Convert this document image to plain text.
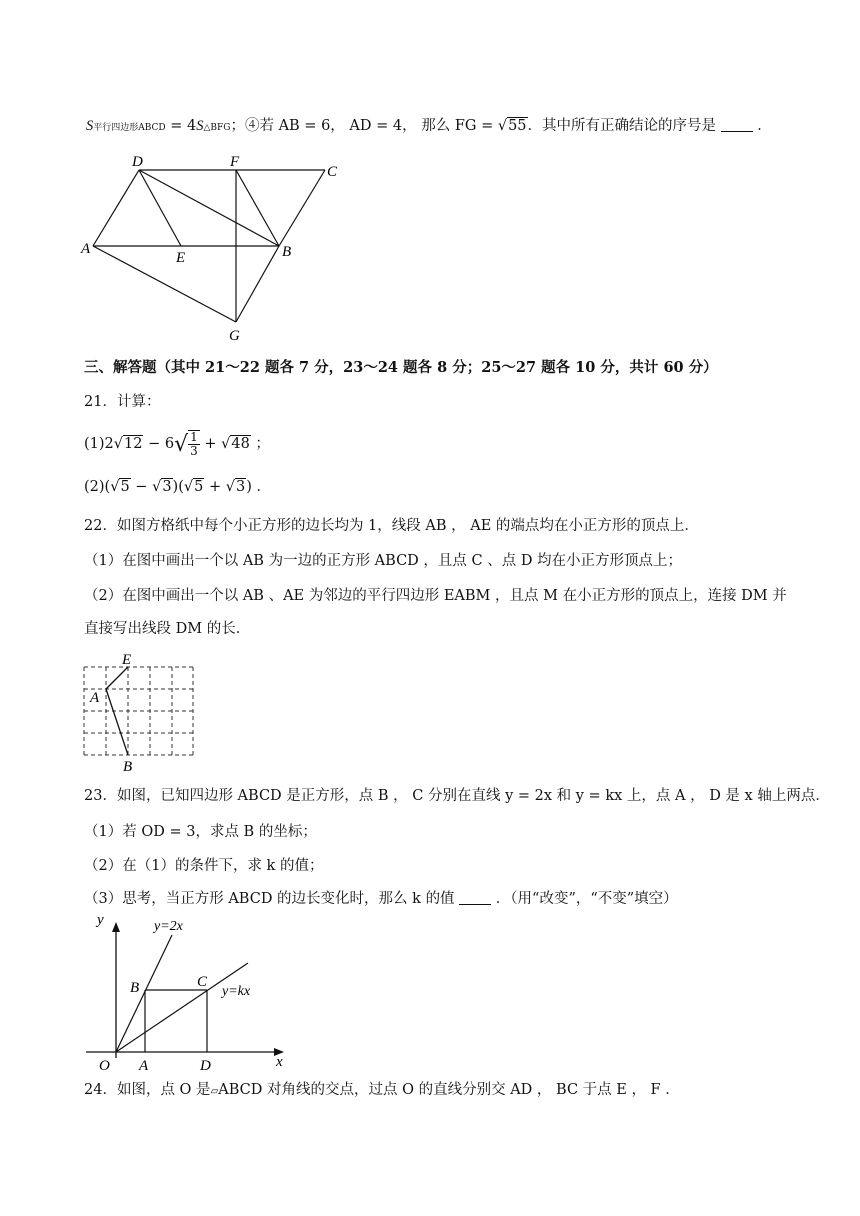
S平行四边形ABCD = 4S△BFG；④若 AB = 6， AD = 4， 那么 FG = √55．其中所有正确结论的序号是	．
D	F
C
A
E	B
G
三、解答题（其中 21～22 题各 7 分，23～24 题各 8 分；25～27 题各 10 分，共计 60 分）
21．计算：
$(1)2√12 - 6√ \frac{1}{3} + √48$ ；
(2)(√5 − √3)(√5 + √3) ．
22．如图方格纸中每个小正方形的边长均为 1，线段 AB ， AE 的端点均在小正方形的顶点上．
（1）在图中画出一个以 AB 为一边的正方形 ABCD ，且点 C 、点 D 均在小正方形顶点上；
（2）在图中画出一个以 AB 、AE 为邻边的平行四边形 EABM ，且点 M 在小正方形的顶点上，连接 DM 并
直接写出线段 DM 的长．
E
A
B
23．如图，已知四边形 ABCD 是正方形，点 B ， C 分别在直线 y = 2x 和 y = kx 上，点 A ， D 是 x 轴上两点．
（1）若 OD = 3，求点 B 的坐标；
（2）在（1）的条件下，求 k 的值；
（3）思考，当正方形 ABCD 的边长变化时，那么 k 的值	．（用“改变”，“不变”填空）
y	y=2x
B	C
y=kx
O A	D	x
24．如图，点 O 是▱ABCD 对角线的交点，过点 O 的直线分别交 AD ， BC 于点 E ， F ．
